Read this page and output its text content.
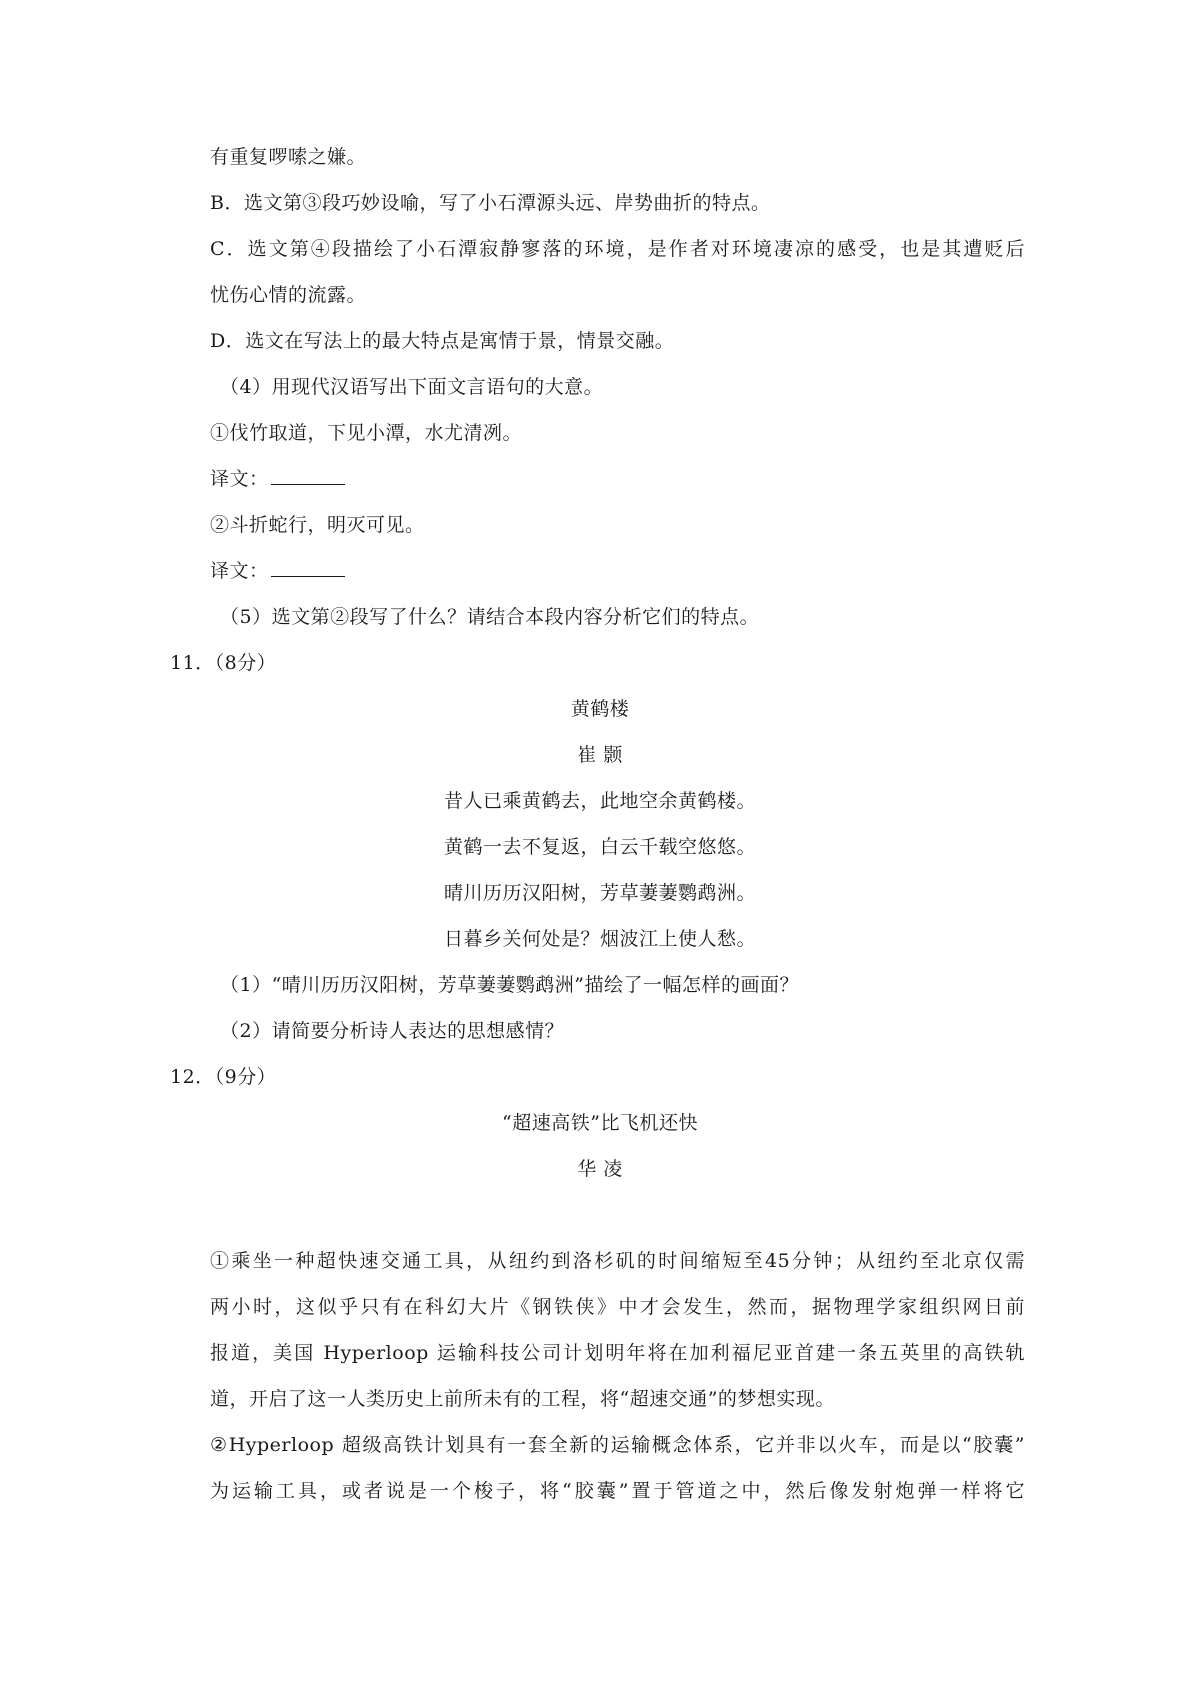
有重复啰嗦之嫌。
B．选文第③段巧妙设喻，写了小石潭源头远、岸势曲折的特点。
C．选文第④段描绘了小石潭寂静寥落的环境，是作者对环境凄凉的感受，也是其遭贬后
忧伤心情的流露。
D．选文在写法上的最大特点是寓情于景，情景交融。
（4）用现代汉语写出下面文言语句的大意。
①伐竹取道，下见小潭，水尤清冽。
译文：
②斗折蛇行，明灭可见。
译文：
（5）选文第②段写了什么？请结合本段内容分析它们的特点。
11．（8分）
黄鹤楼
崔 颢
昔人已乘黄鹤去，此地空余黄鹤楼。
黄鹤一去不复返，白云千载空悠悠。
晴川历历汉阳树，芳草萋萋鹦鹉洲。
日暮乡关何处是？烟波江上使人愁。
（1）“晴川历历汉阳树，芳草萋萋鹦鹉洲”描绘了一幅怎样的画面？
（2）请简要分析诗人表达的思想感情？
12．（9分）
“超速高铁”比飞机还快
华 凌
①乘坐一种超快速交通工具，从纽约到洛杉矶的时间缩短至45分钟；从纽约至北京仅需
两小时，这似乎只有在科幻大片《钢铁侠》中才会发生，然而，据物理学家组织网日前
报道，美国 Hyperloop 运输科技公司计划明年将在加利福尼亚首建一条五英里的高铁轨
道，开启了这一人类历史上前所未有的工程，将“超速交通”的梦想实现。
②Hyperloop 超级高铁计划具有一套全新的运输概念体系，它并非以火车，而是以“胶囊”
为运输工具，或者说是一个梭子，将“胶囊”置于管道之中，然后像发射炮弹一样将它
